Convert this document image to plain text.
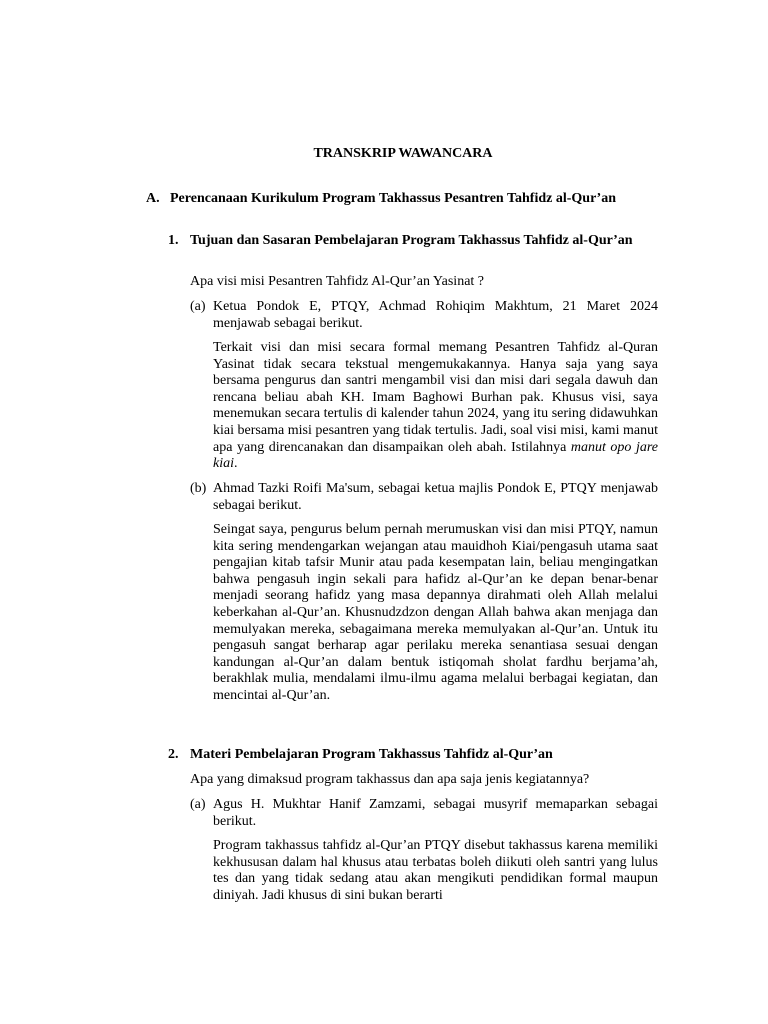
TRANSKRIP WAWANCARA
A. Perencanaan Kurikulum Program Takhassus Pesantren Tahfidz al-Qur’an
1. Tujuan dan Sasaran Pembelajaran Program Takhassus Tahfidz al-Qur’an
Apa visi misi Pesantren Tahfidz Al-Qur’an Yasinat ?
(a) Ketua Pondok E, PTQY, Achmad Rohiqim Makhtum, 21 Maret 2024 menjawab sebagai berikut.
Terkait visi dan misi secara formal memang Pesantren Tahfidz al-Quran Yasinat tidak secara tekstual mengemukakannya. Hanya saja yang saya bersama pengurus dan santri mengambil visi dan misi dari segala dawuh dan rencana beliau abah KH. Imam Baghowi Burhan pak. Khusus visi, saya menemukan secara tertulis di kalender tahun 2024, yang itu sering didawuhkan kiai bersama misi pesantren yang tidak tertulis. Jadi, soal visi misi, kami manut apa yang direncanakan dan disampaikan oleh abah. Istilahnya manut opo jare kiai.
(b) Ahmad Tazki Roifi Ma'sum, sebagai ketua majlis Pondok E, PTQY menjawab sebagai berikut.
Seingat saya, pengurus belum pernah merumuskan visi dan misi PTQY, namun kita sering mendengarkan wejangan atau mauidhoh Kiai/pengasuh utama saat pengajian kitab tafsir Munir atau pada kesempatan lain, beliau mengingatkan bahwa pengasuh ingin sekali para hafidz al-Qur’an ke depan benar-benar menjadi seorang hafidz yang masa depannya dirahmati oleh Allah melalui keberkahan al-Qur’an. Khusnudzdzon dengan Allah bahwa akan menjaga dan memulyakan mereka, sebagaimana mereka memulyakan al-Qur’an. Untuk itu pengasuh sangat berharap agar perilaku mereka senantiasa sesuai dengan kandungan al-Qur’an dalam bentuk istiqomah sholat fardhu berjama’ah, berakhlak mulia, mendalami ilmu-ilmu agama melalui berbagai kegiatan, dan mencintai al-Qur’an.
2. Materi Pembelajaran Program Takhassus Tahfidz al-Qur’an
Apa yang dimaksud program takhassus dan apa saja jenis kegiatannya?
(a) Agus H. Mukhtar Hanif Zamzami, sebagai musyrif memaparkan sebagai berikut.
Program takhassus tahfidz al-Qur’an PTQY disebut takhassus karena memiliki kekhususan dalam hal khusus atau terbatas boleh diikuti oleh santri yang lulus tes dan yang tidak sedang atau akan mengikuti pendidikan formal maupun diniyah. Jadi khusus di sini bukan berarti
